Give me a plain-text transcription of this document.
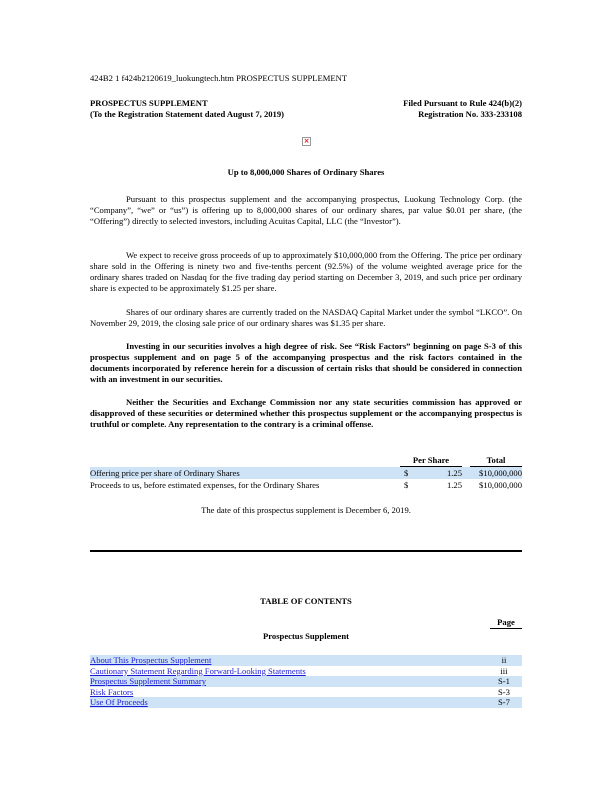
424B2 1 f424b2120619_luokungtech.htm PROSPECTUS SUPPLEMENT
PROSPECTUS SUPPLEMENT
(To the Registration Statement dated August 7, 2019)
Filed Pursuant to Rule 424(b)(2)
Registration No. 333-233108
×
Up to 8,000,000 Shares of Ordinary Shares
Pursuant to this prospectus supplement and the accompanying prospectus, Luokung Technology Corp. (the “Company”, “we” or “us”) is offering up to 8,000,000 shares of our ordinary shares, par value $0.01 per share, (the “Offering”) directly to selected investors, including Acuitas Capital, LLC (the “Investor”).
We expect to receive gross proceeds of up to approximately $10,000,000 from the Offering. The price per ordinary share sold in the Offering is ninety two and five-tenths percent (92.5%) of the volume weighted average price for the ordinary shares traded on Nasdaq for the five trading day period starting on December 3, 2019, and such price per ordinary share is expected to be approximately $1.25 per share.
Shares of our ordinary shares are currently traded on the NASDAQ Capital Market under the symbol “LKCO”. On November 29, 2019, the closing sale price of our ordinary shares was $1.35 per share.
Investing in our securities involves a high degree of risk. See “Risk Factors” beginning on page S-3 of this prospectus supplement and on page 5 of the accompanying prospectus and the risk factors contained in the documents incorporated by reference herein for a discussion of certain risks that should be considered in connection with an investment in our securities.
Neither the Securities and Exchange Commission nor any state securities commission has approved or disapproved of these securities or determined whether this prospectus supplement or the accompanying prospectus is truthful or complete. Any representation to the contrary is a criminal offense.
	Per Share			Total
Offering price per share of Ordinary Shares	$	1.25		$10,000,000
Proceeds to us, before estimated expenses, for the Ordinary Shares	$	1.25		$10,000,000
The date of this prospectus supplement is December 6, 2019.
TABLE OF CONTENTS
Page
Prospectus Supplement
About This Prospectus Supplement	ii
Cautionary Statement Regarding Forward-Looking Statements	iii
Prospectus Supplement Summary	S-1
Risk Factors	S-3
Use Of Proceeds	S-7
